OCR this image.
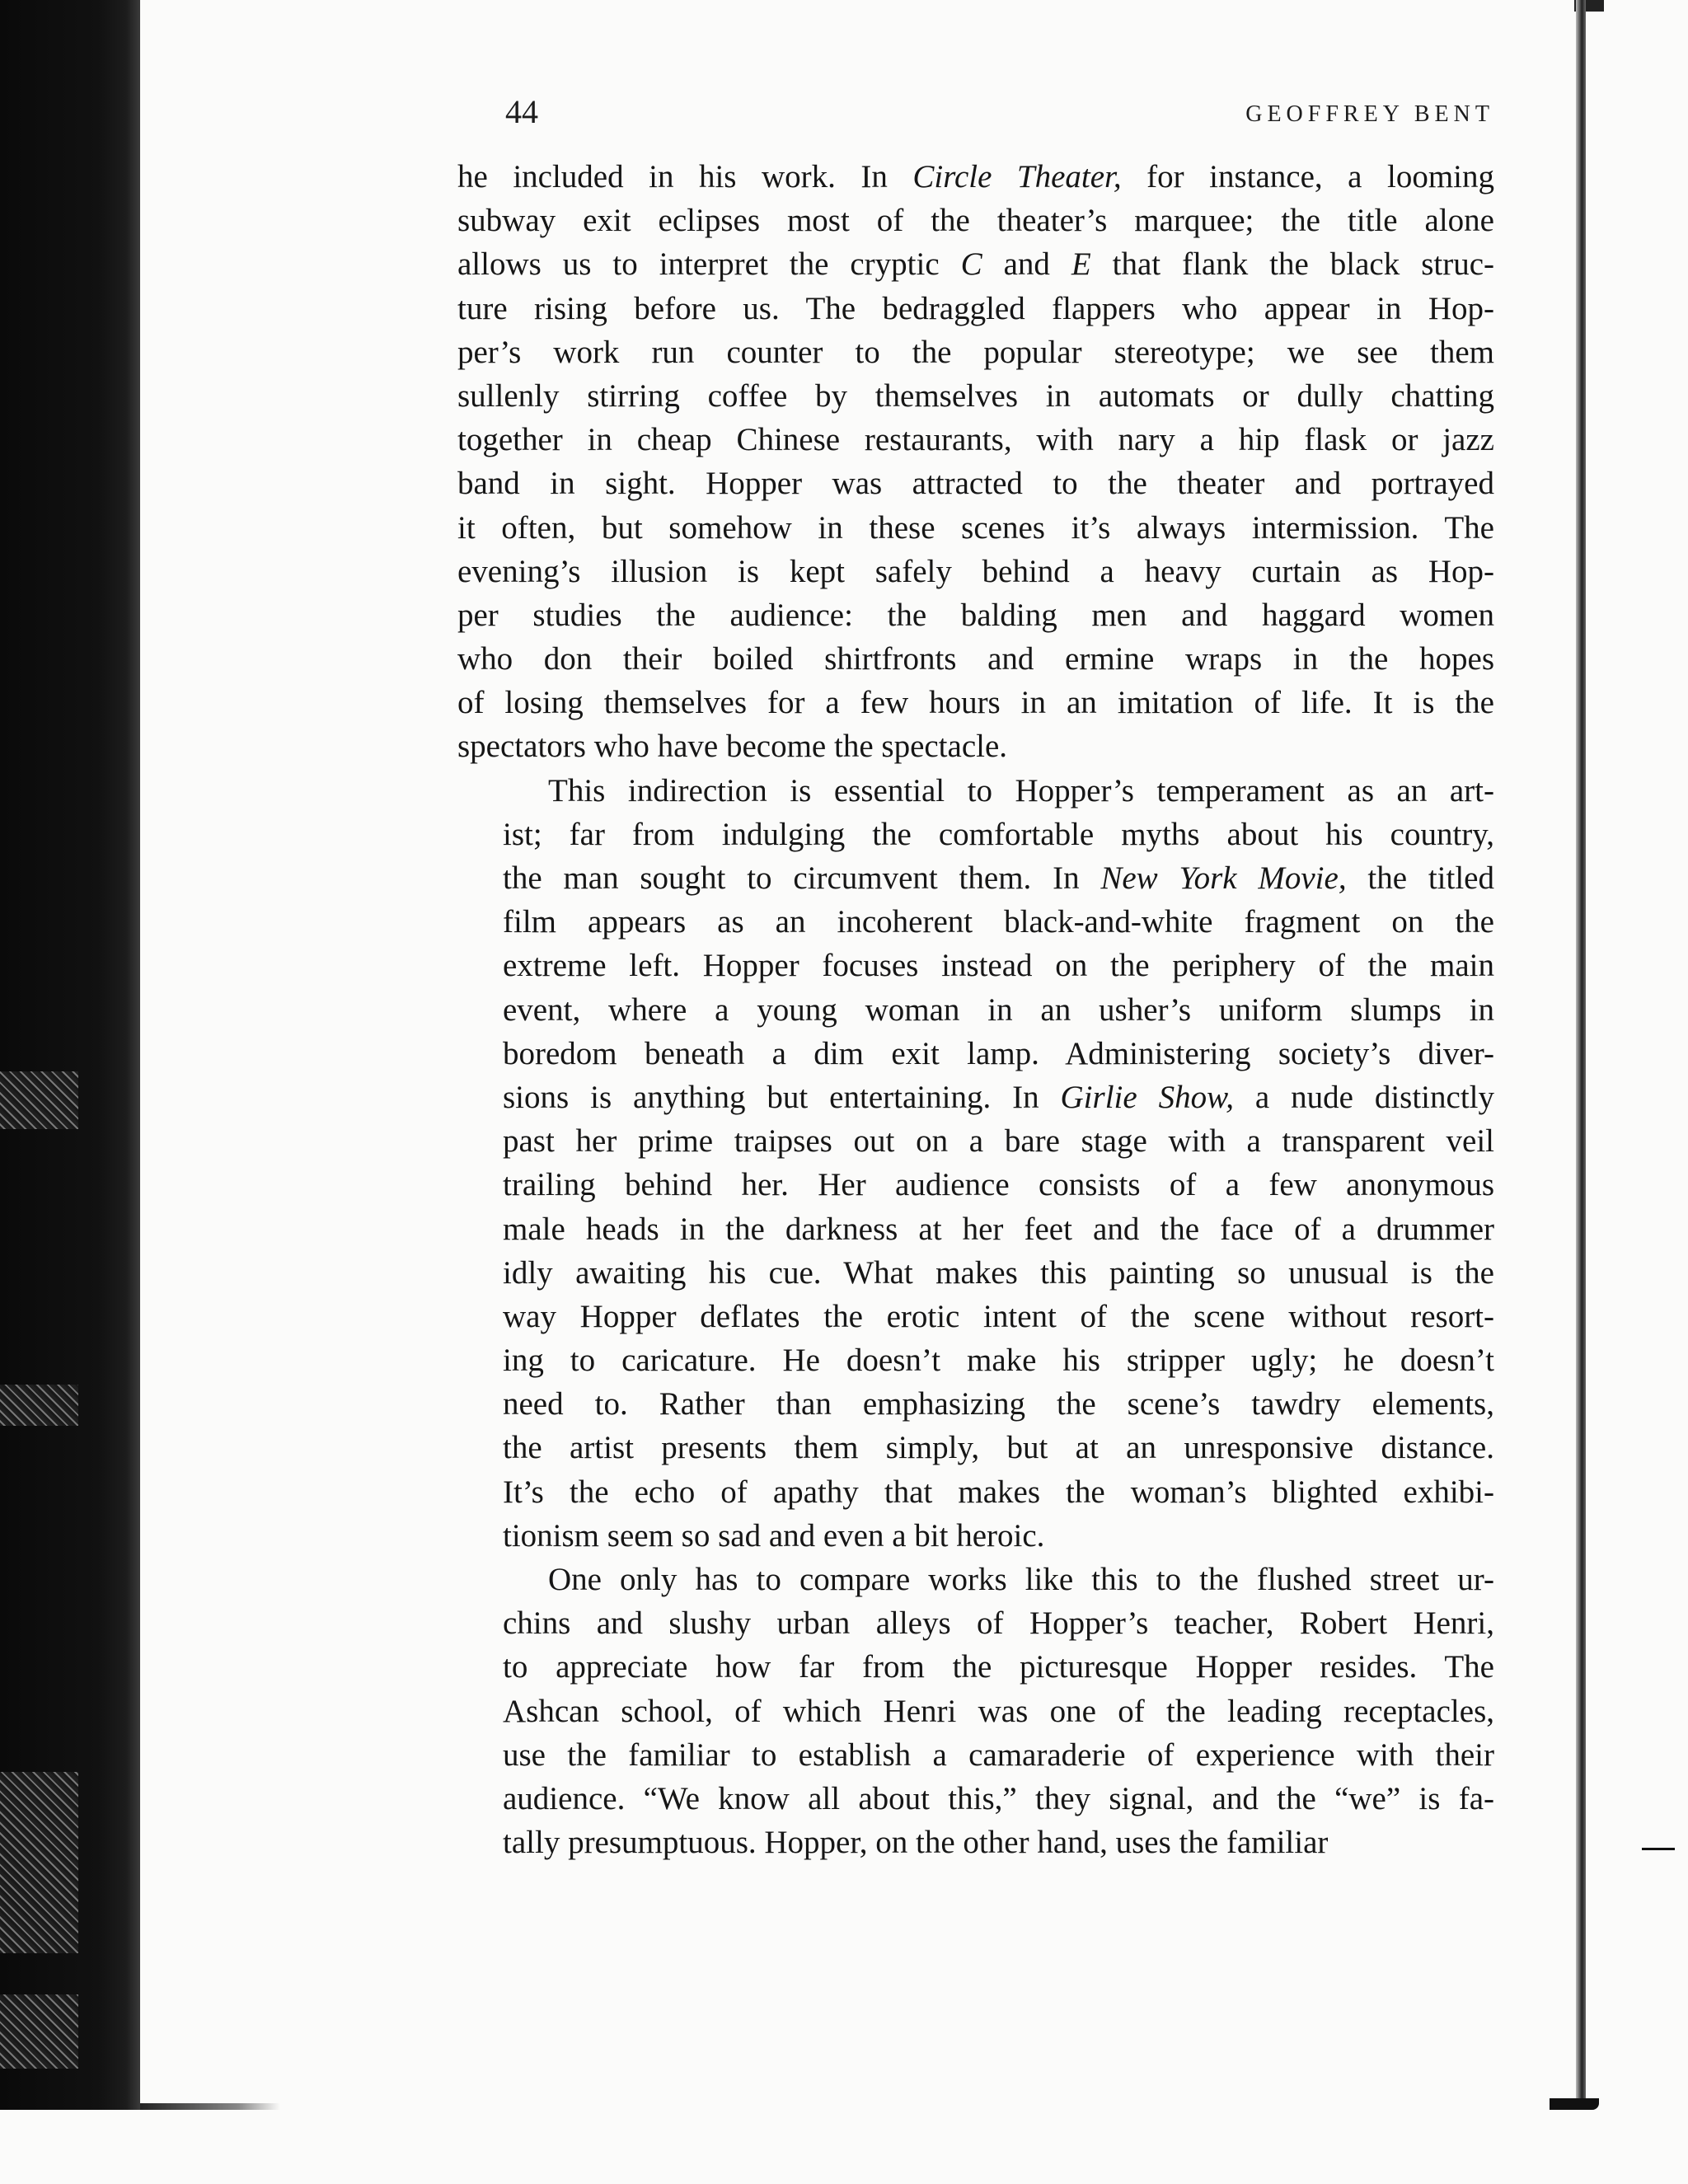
44	GEOFFREY BENT
he included in his work. In Circle Theater, for instance, a looming
subway exit eclipses most of the theater’s marquee; the title alone
allows us to interpret the cryptic C and E that flank the black struc-
ture rising before us. The bedraggled flappers who appear in Hop-
per’s work run counter to the popular stereotype; we see them
sullenly stirring coffee by themselves in automats or dully chatting
together in cheap Chinese restaurants, with nary a hip flask or jazz
band in sight. Hopper was attracted to the theater and portrayed
it often, but somehow in these scenes it’s always intermission. The
evening’s illusion is kept safely behind a heavy curtain as Hop-
per studies the audience: the balding men and haggard women
who don their boiled shirtfronts and ermine wraps in the hopes
of losing themselves for a few hours in an imitation of life. It is the
spectators who have become the spectacle.
This indirection is essential to Hopper’s temperament as an art-
ist; far from indulging the comfortable myths about his country,
the man sought to circumvent them. In New York Movie, the titled
film appears as an incoherent black-and-white fragment on the
extreme left. Hopper focuses instead on the periphery of the main
event, where a young woman in an usher’s uniform slumps in
boredom beneath a dim exit lamp. Administering society’s diver-
sions is anything but entertaining. In Girlie Show, a nude distinctly
past her prime traipses out on a bare stage with a transparent veil
trailing behind her. Her audience consists of a few anonymous
male heads in the darkness at her feet and the face of a drummer
idly awaiting his cue. What makes this painting so unusual is the
way Hopper deflates the erotic intent of the scene without resort-
ing to caricature. He doesn’t make his stripper ugly; he doesn’t
need to. Rather than emphasizing the scene’s tawdry elements,
the artist presents them simply, but at an unresponsive distance.
It’s the echo of apathy that makes the woman’s blighted exhibi-
tionism seem so sad and even a bit heroic.
One only has to compare works like this to the flushed street ur-
chins and slushy urban alleys of Hopper’s teacher, Robert Henri,
to appreciate how far from the picturesque Hopper resides. The
Ashcan school, of which Henri was one of the leading receptacles,
use the familiar to establish a camaraderie of experience with their
audience. “We know all about this,” they signal, and the “we” is fa-
tally presumptuous. Hopper, on the other hand, uses the familiar
